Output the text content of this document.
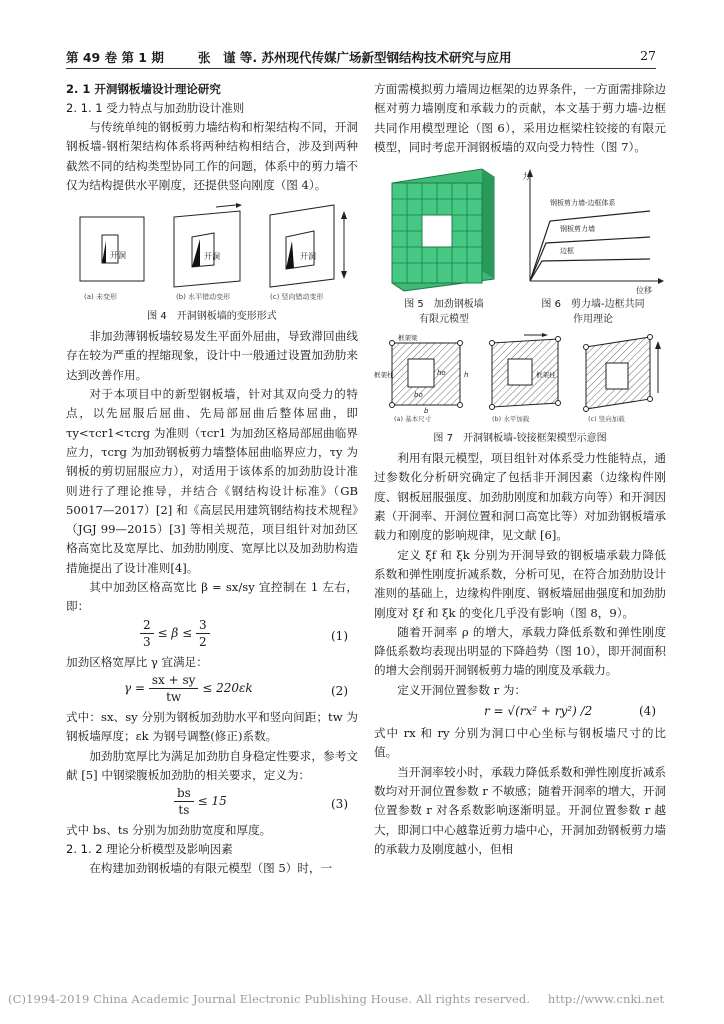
第 49 卷 第 1 期	张　谨 等. 苏州现代传媒广场新型钢结构技术研究与应用	27
2. 1 开洞钢板墙设计理论研究
2. 1. 1 受力特点与加劲肋设计准则

与传统单纯的钢板剪力墙结构和桁架结构不同，开洞钢板墙-钢桁架结构体系将两种结构相结合，涉及到两种截然不同的结构类型协同工作的问题，体系中的剪力墙不仅为结构提供水平刚度，还提供竖向刚度（图 4）。

开洞	开洞	开洞
(a) 未变形	(b) 水平错动变形	(c) 竖向错动变形
图 4　开洞钢板墙的变形形式

非加劲薄钢板墙较易发生平面外屈曲，导致滞回曲线存在较为严重的捏缩现象，设计中一般通过设置加劲肋来达到改善作用。

对于本项目中的新型钢板墙，针对其双向受力的特点，以先屈服后屈曲、先局部屈曲后整体屈曲，即 τy<τcr1<τcrg 为准则（τcr1 为加劲区格局部屈曲临界应力，τcrg 为加劲钢板剪力墙整体屈曲临界应力，τy 为钢板的剪切屈服应力），对适用于该体系的加劲肋设计准则进行了理论推导，并结合《钢结构设计标准》（GB 50017—2017）[2] 和《高层民用建筑钢结构技术规程》（JGJ 99—2015）[3] 等相关规范，项目组针对加劲区格高宽比及宽厚比、加劲肋刚度、宽厚比以及加劲肋构造措施提出了设计准则[4]。

其中加劲区格高宽比 β = sx/sy 宜控制在 1 左右，即：

$\frac{2}{3} \le \beta \le \frac{3}{2}$	(1)

加劲区格宽厚比 γ 宜满足：

$\gamma = \frac{sx + sy}{tw} \le 220\varepsilon k$	(2)

式中：sx、sy 分别为钢板加劲肋水平和竖向间距；tw 为钢板墙厚度；εk 为钢号调整(修正)系数。

加劲肋宽厚比为满足加劲肋自身稳定性要求，参考文献 [5] 中钢梁腹板加劲肋的相关要求，定义为：

$\frac{bs}{ts} \le 15$	(3)

式中 bs、ts 分别为加劲肋宽度和厚度。

2. 1. 2 理论分析模型及影响因素

在构建加劲钢板墙的有限元模型（图 5）时，一

方面需模拟剪力墙周边框架的边界条件，一方面需排除边框对剪力墙刚度和承载力的贡献，本文基于剪力墙-边框共同作用模型理论（图 6），采用边框梁柱铰接的有限元模型，同时考虑开洞钢板墙的双向受力特性（图 7）。

力
位移
钢板剪力墙-边框体系
钢板剪力墙
边框
图 5　加劲钢板墙
有限元模型
图 6　剪力墙-边框共同
作用理论
框架梁
框架柱	h
ho
b
bo
框架柱
(a) 基本尺寸	(b) 水平加载	(c) 竖向加载
图 7　开洞钢板墙-铰接框架模型示意图

利用有限元模型，项目组针对体系受力性能特点，通过参数化分析研究确定了包括非开洞因素（边缘构件刚度、钢板屈服强度、加劲肋刚度和加载方向等）和开洞因素（开洞率、开洞位置和洞口高宽比等）对加劲钢板墙承载力和刚度的影响规律，见文献 [6]。

定义 ξf 和 ξk 分别为开洞导致的钢板墙承载力降低系数和弹性刚度折减系数，分析可见，在符合加劲肋设计准则的基础上，边缘构件刚度、钢板墙屈曲强度和加劲肋刚度对 ξf 和 ξk 的变化几乎没有影响（图 8，9）。

随着开洞率 ρ 的增大，承载力降低系数和弹性刚度降低系数均表现出明显的下降趋势（图 10），即开洞面积的增大会削弱开洞钢板剪力墙的刚度及承载力。

定义开洞位置参数 r 为：

r = √(rx² + ry²) /2	(4)

式中 rx 和 ry 分别为洞口中心坐标与钢板墙尺寸的比值。

当开洞率较小时，承载力降低系数和弹性刚度折减系数均对开洞位置参数 r 不敏感；随着开洞率的增大，开洞位置参数 r 对各系数影响逐渐明显。开洞位置参数 r 越大，即洞口中心越靠近剪力墙中心，开洞加劲钢板剪力墙的承载力及刚度越小，但相

(C)1994-2019 China Academic Journal Electronic Publishing House. All rights reserved. http://www.cnki.net
